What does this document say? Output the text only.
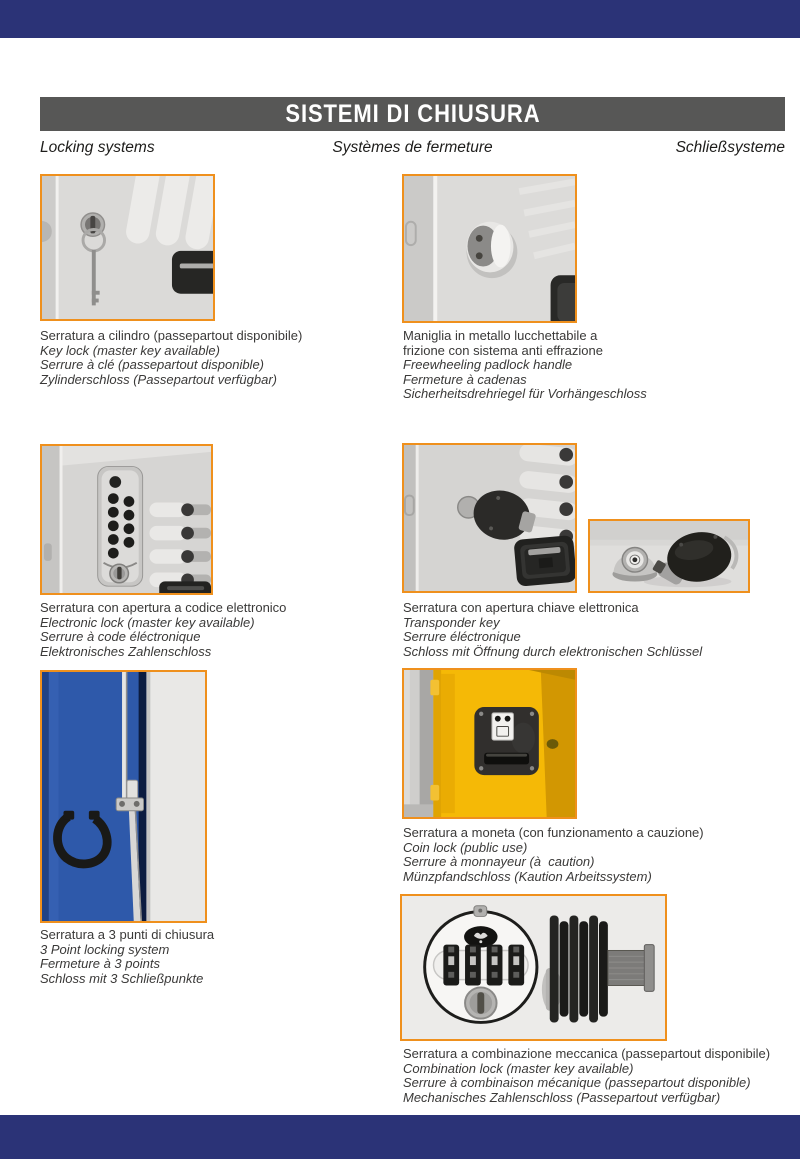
SISTEMI DI CHIUSURA
Locking systems	Systèmes de fermeture	Schließsysteme
Serratura a cilindro (passepartout disponibile)
Key lock (master key available)
Serrure à clé (passepartout disponible)
Zylinderschloss (Passepartout verfügbar)
Maniglia in metallo lucchettabile a
frizione con sistema anti effrazione
Freewheeling padlock handle
Fermeture à cadenas
Sicherheitsdrehriegel für Vorhängeschloss
Serratura con apertura a codice elettronico
Electronic lock (master key available)
Serrure à code éléctronique
Elektronisches Zahlenschloss
Serratura con apertura chiave elettronica
Transponder key
Serrure éléctronique
Schloss mit Öffnung durch elektronischen Schlüssel
Serratura a moneta (con funzionamento a cauzione)
Coin lock (public use)
Serrure à monnayeur (à  caution)
Münzpfandschloss (Kaution Arbeitssystem)
Serratura a 3 punti di chiusura
3 Point locking system
Fermeture à 3 points
Schloss mit 3 Schließpunkte
Serratura a combinazione meccanica (passepartout disponibile)
Combination lock (master key available)
Serrure à combinaison mécanique (passepartout disponible)
Mechanisches Zahlenschloss (Passepartout verfügbar)
